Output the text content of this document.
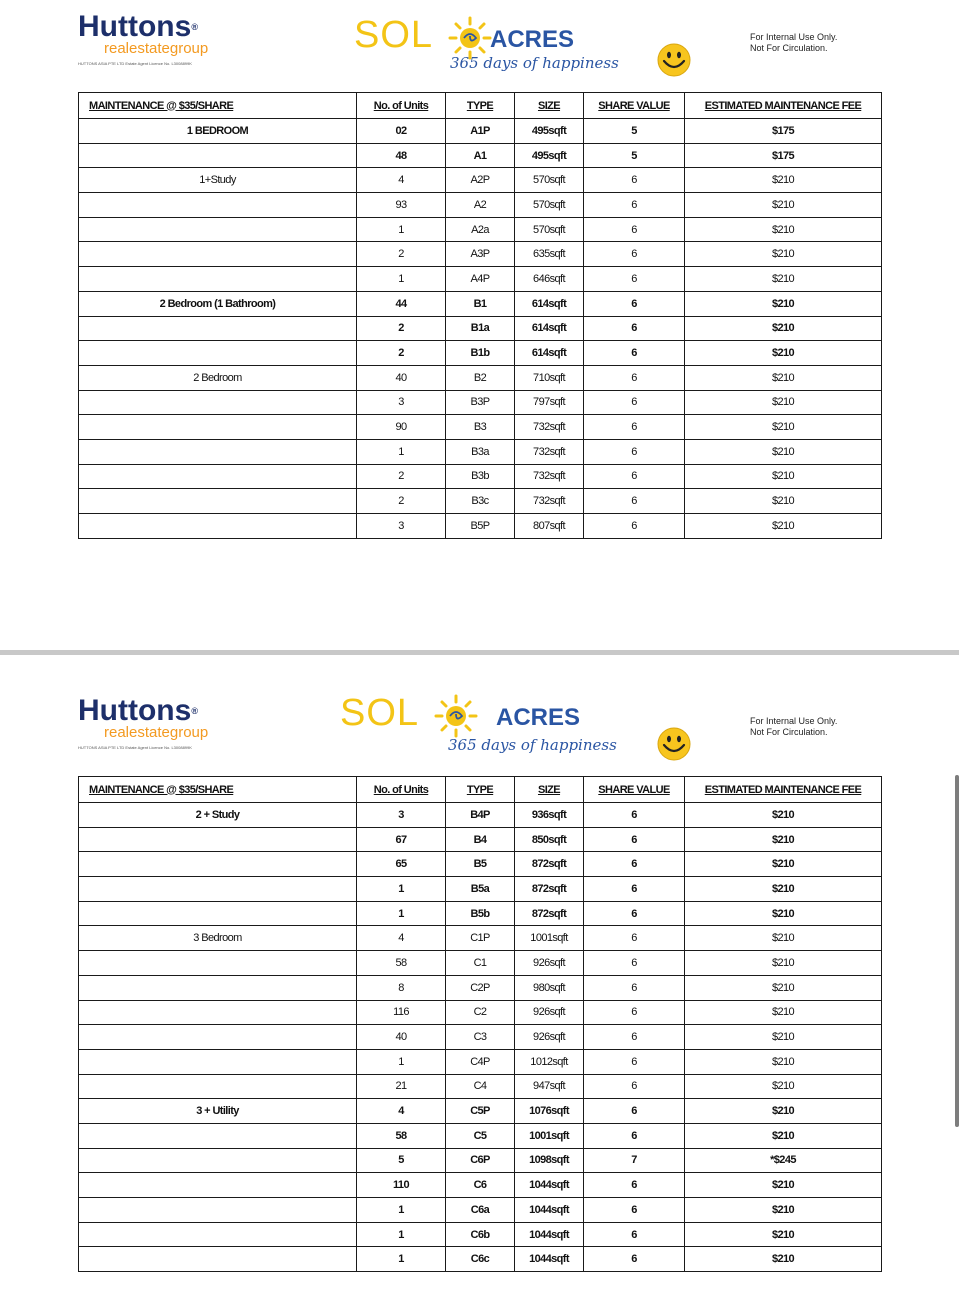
Huttons®
realestategroup
HUTTONS ASIA PTE LTD Estate Agent Licence No. L3008899K
SOL ACRES
365 days of happiness
For Internal Use Only.
Not For Circulation.
MAINTENANCE @ $35/SHARE	No. of Units	TYPE	SIZE	SHARE VALUE	ESTIMATED MAINTENANCE FEE
1 BEDROOM	02	A1P	495sqft	5	$175
	48	A1	495sqft	5	$175
1+Study	4	A2P	570sqft	6	$210
	93	A2	570sqft	6	$210
	1	A2a	570sqft	6	$210
	2	A3P	635sqft	6	$210
	1	A4P	646sqft	6	$210
2 Bedroom (1 Bathroom)	44	B1	614sqft	6	$210
	2	B1a	614sqft	6	$210
	2	B1b	614sqft	6	$210
2 Bedroom	40	B2	710sqft	6	$210
	3	B3P	797sqft	6	$210
	90	B3	732sqft	6	$210
	1	B3a	732sqft	6	$210
	2	B3b	732sqft	6	$210
	2	B3c	732sqft	6	$210
	3	B5P	807sqft	6	$210
Huttons®
realestategroup
HUTTONS ASIA PTE LTD Estate Agent Licence No. L3008899K
SOL	ACRES
365 days of happiness
For Internal Use Only.
Not For Circulation.
MAINTENANCE @ $35/SHARE	No. of Units	TYPE	SIZE	SHARE VALUE	ESTIMATED MAINTENANCE FEE
2 + Study	3	B4P	936sqft	6	$210
	67	B4	850sqft	6	$210
	65	B5	872sqft	6	$210
	1	B5a	872sqft	6	$210
	1	B5b	872sqft	6	$210
3 Bedroom	4	C1P	1001sqft	6	$210
	58	C1	926sqft	6	$210
	8	C2P	980sqft	6	$210
	116	C2	926sqft	6	$210
	40	C3	926sqft	6	$210
	1	C4P	1012sqft	6	$210
	21	C4	947sqft	6	$210
3 + Utility	4	C5P	1076sqft	6	$210
	58	C5	1001sqft	6	$210
	5	C6P	1098sqft	7	*$245
	110	C6	1044sqft	6	$210
	1	C6a	1044sqft	6	$210
	1	C6b	1044sqft	6	$210
	1	C6c	1044sqft	6	$210
